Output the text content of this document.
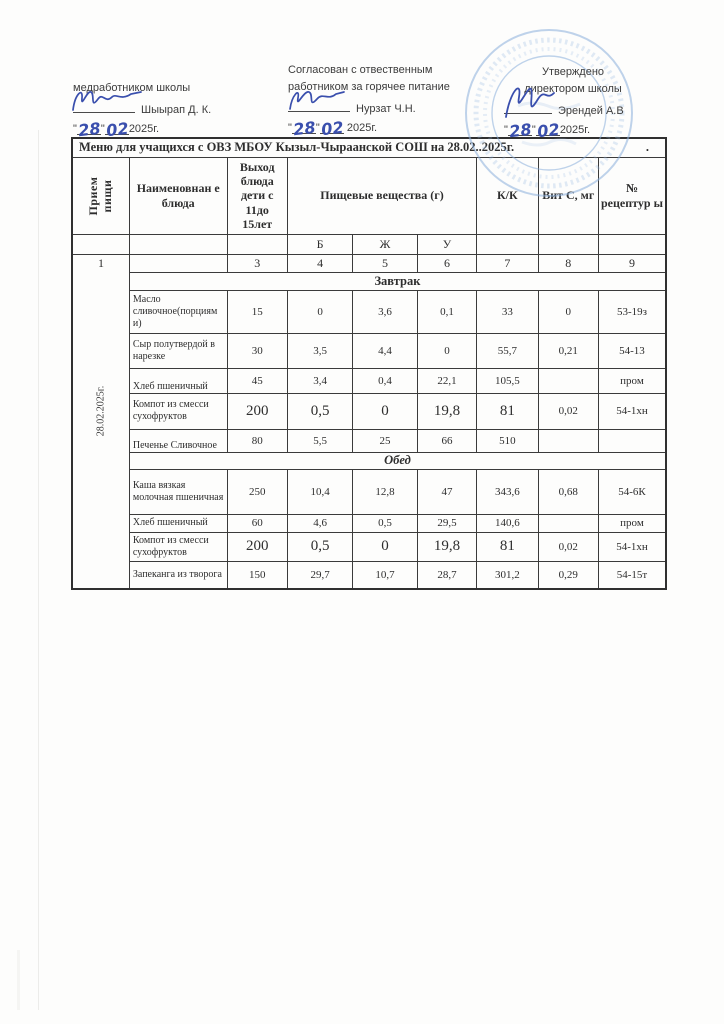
медработником школы
Шыырап Д. К.
"28"022025г.
Согласован с отвественным
работником за горячее питание
Нурзат Ч.Н.
"28"02 2025г.
Утверждено
директором школы
Эрендей А.В
"28"022025г.
.
Меню для учащихся с ОВЗ МБОУ Кызыл-Чыраанской СОШ на 28.02..2025г.								

Прием пищи	Наименовнан е блюда	Выход блюда дети с 11до 15лет	Пищевые вещества (г)			К/К	Вит С, мг	№ рецептур ы
			Б	Ж	У			

1
28.02.2025г.		3	4	5	6	7	8	9
	Завтрак							
	Масло сливочное(порциям и)	15	0	3,6	0,1	33	0	53-19з
	Сыр полутвердой в нарезке	30	3,5	4,4	0	55,7	0,21	54-13
	Хлеб пшеничный	45	3,4	0,4	22,1	105,5		пром
	Компот из смесси сухофруктов	200	0,5	0	19,8	81	0,02	54-1хн
	Печенье Сливочное	80	5,5	25	66	510		
	Обед							
	Каша вязкая молочная пшеничная	250	10,4	12,8	47	343,6	0,68	54-6К
	Хлеб пшеничный	60	4,6	0,5	29,5	140,6		пром
	Компот из смесси сухофруктов	200	0,5	0	19,8	81	0,02	54-1хн
	Запеканга из творога	150	29,7	10,7	28,7	301,2	0,29	54-15т
